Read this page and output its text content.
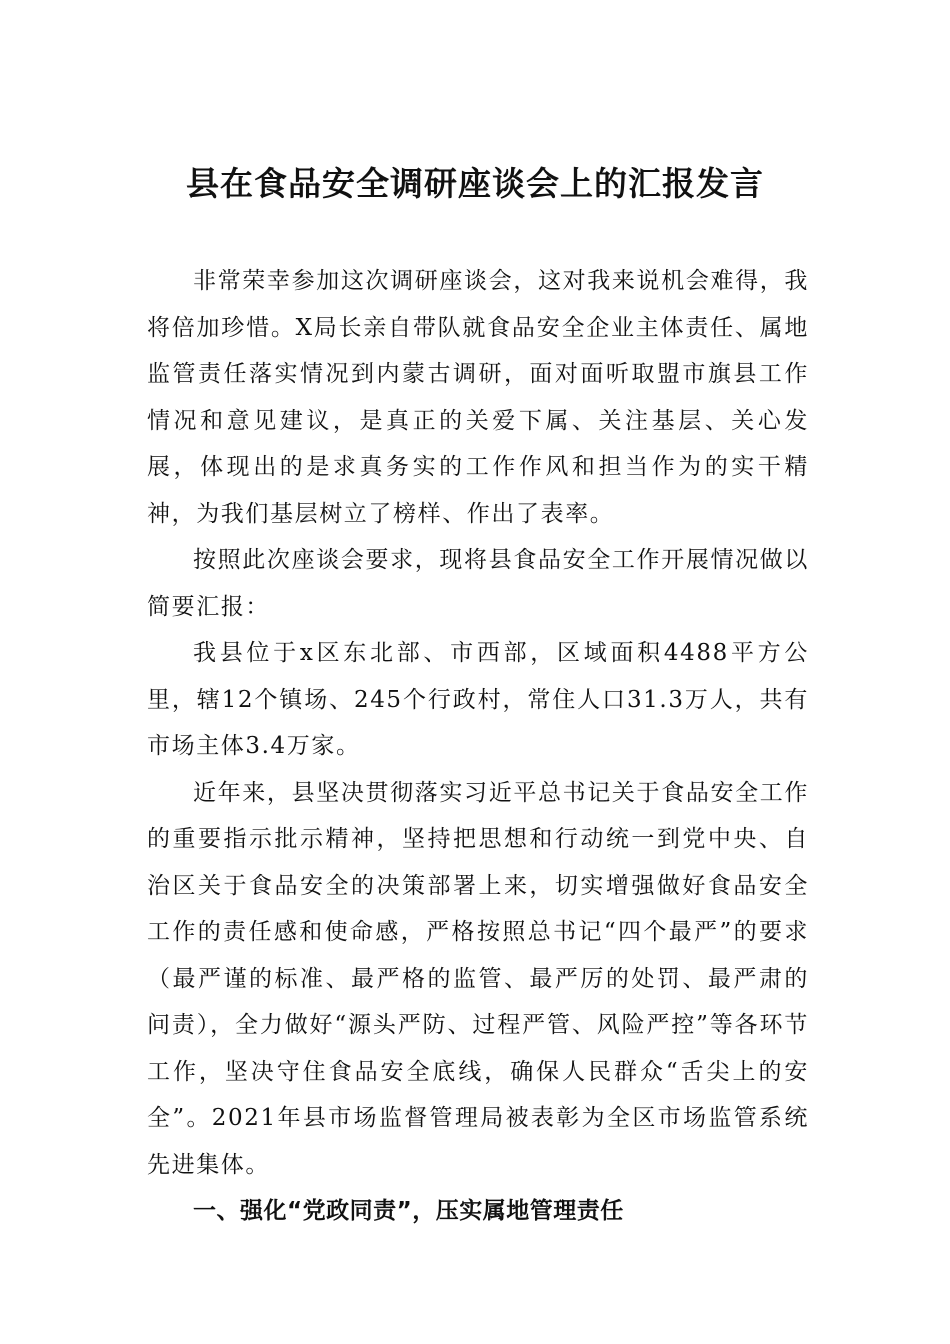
县在食品安全调研座谈会上的汇报发言

非常荣幸参加这次调研座谈会，这对我来说机会难得，我将倍加珍惜。X局长亲自带队就食品安全企业主体责任、属地监管责任落实情况到内蒙古调研，面对面听取盟市旗县工作情况和意见建议，是真正的关爱下属、关注基层、关心发展，体现出的是求真务实的工作作风和担当作为的实干精神，为我们基层树立了榜样、作出了表率。

按照此次座谈会要求，现将县食品安全工作开展情况做以简要汇报：

我县位于x区东北部、市西部，区域面积4488平方公里，辖12个镇场、245个行政村，常住人口31.3万人，共有市场主体3.4万家。

近年来，县坚决贯彻落实习近平总书记关于食品安全工作的重要指示批示精神，坚持把思想和行动统一到党中央、自治区关于食品安全的决策部署上来，切实增强做好食品安全工作的责任感和使命感，严格按照总书记“四个最严”的要求（最严谨的标准、最严格的监管、最严厉的处罚、最严肃的问责），全力做好“源头严防、过程严管、风险严控”等各环节工作，坚决守住食品安全底线，确保人民群众“舌尖上的安全”。2021年县市场监督管理局被表彰为全区市场监管系统先进集体。

一、强化“党政同责”，压实属地管理责任
